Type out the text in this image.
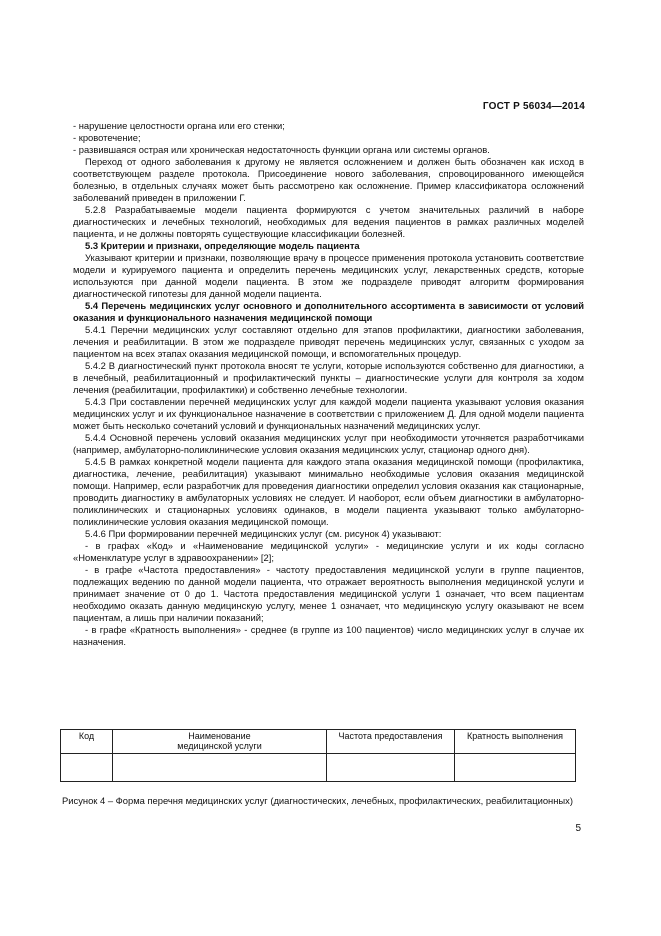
ГОСТ Р 56034—2014

- нарушение целостности органа или его стенки;

- кровотечение;

- развившаяся острая или хроническая недостаточность функции органа или системы органов.

Переход от одного заболевания к другому не является осложнением и должен быть обозначен как исход в соответствующем разделе протокола. Присоединение нового заболевания, спровоцированного имеющейся болезнью, в отдельных случаях может быть рассмотрено как осложнение. Пример классификатора осложнений заболеваний приведен в приложении Г.

5.2.8 Разрабатываемые модели пациента формируются с учетом значительных различий в наборе диагностических и лечебных технологий, необходимых для ведения пациентов в рамках различных моделей пациента, и не должны повторять существующие классификации болезней.

5.3 Критерии и признаки, определяющие модель пациента

Указывают критерии и признаки, позволяющие врачу в процессе применения протокола установить соответствие модели и курируемого пациента и определить перечень медицинских услуг, лекарственных средств, которые используются при данной модели пациента. В этом же подразделе приводят алгоритм формирования диагностической гипотезы для данной модели пациента.

5.4 Перечень медицинских услуг основного и дополнительного ассортимента в зависимости от условий оказания и функционального назначения медицинской помощи

5.4.1 Перечни медицинских услуг составляют отдельно для этапов профилактики, диагностики заболевания, лечения и реабилитации. В этом же подразделе приводят перечень медицинских услуг, связанных с уходом за пациентом на всех этапах оказания медицинской помощи, и вспомогательных процедур.

5.4.2 В диагностический пункт протокола вносят те услуги, которые используются собственно для диагностики, а в лечебный, реабилитационный и профилактический пункты – диагностические услуги для контроля за ходом лечения (реабилитации, профилактики) и собственно лечебные технологии.

5.4.3 При составлении перечней медицинских услуг для каждой модели пациента указывают условия оказания медицинских услуг и их функциональное назначение в соответствии с приложением Д. Для одной модели пациента может быть несколько сочетаний условий и функциональных назначений медицинских услуг.

5.4.4 Основной перечень условий оказания медицинских услуг при необходимости уточняется разработчиками (например, амбулаторно-поликлинические условия оказания медицинских услуг, стационар одного дня).

5.4.5 В рамках конкретной модели пациента для каждого этапа оказания медицинской помощи (профилактика, диагностика, лечение, реабилитация) указывают минимально необходимые условия оказания медицинской помощи. Например, если разработчик для проведения диагностики определил условия оказания как стационарные, проводить диагностику в амбулаторных условиях не следует. И наоборот, если объем диагностики в амбулаторно-поликлинических и стационарных условиях одинаков, в модели пациента указывают только амбулаторно-поликлинические условия оказания медицинской помощи.

5.4.6 При формировании перечней медицинских услуг (см. рисунок 4) указывают:

- в графах «Код» и «Наименование медицинской услуги» - медицинские услуги и их коды согласно «Номенклатуре услуг в здравоохранении» [2];

- в графе «Частота предоставления» - частоту предоставления медицинской услуги в группе пациентов, подлежащих ведению по данной модели пациента, что отражает вероятность выполнения медицинской услуги и принимает значение от 0 до 1. Частота предоставления медицинской услуги 1 означает, что всем пациентам необходимо оказать данную медицинскую услугу, менее 1 означает, что медицинскую услугу оказывают не всем пациентам, а лишь при наличии показаний;

- в графе «Кратность выполнения» - среднее (в группе из 100 пациентов) число медицинских услуг в случае их назначения.

Код	Наименование медицинской услуги	Частота предоставления	Кратность выполнения

Рисунок 4 – Форма перечня медицинских услуг (диагностических, лечебных, профилактических, реабилитационных)
5
